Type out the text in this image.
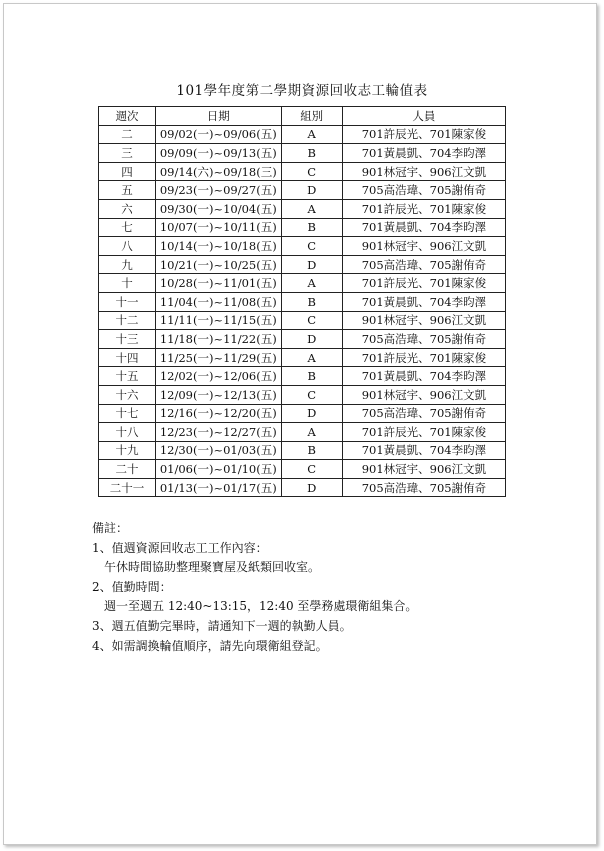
101學年度第二學期資源回收志工輪值表
週次	日期	組別	人員
二	09/02(一)~09/06(五)	A	701許辰光、701陳家俊
三	09/09(一)~09/13(五)	B	701黃晨凱、704李昀澤
四	09/14(六)~09/18(三)	C	901林冠宇、906江文凱
五	09/23(一)~09/27(五)	D	705高浩瑋、705謝侑奇
六	09/30(一)~10/04(五)	A	701許辰光、701陳家俊
七	10/07(一)~10/11(五)	B	701黃晨凱、704李昀澤
八	10/14(一)~10/18(五)	C	901林冠宇、906江文凱
九	10/21(一)~10/25(五)	D	705高浩瑋、705謝侑奇
十	10/28(一)~11/01(五)	A	701許辰光、701陳家俊
十一	11/04(一)~11/08(五)	B	701黃晨凱、704李昀澤
十二	11/11(一)~11/15(五)	C	901林冠宇、906江文凱
十三	11/18(一)~11/22(五)	D	705高浩瑋、705謝侑奇
十四	11/25(一)~11/29(五)	A	701許辰光、701陳家俊
十五	12/02(一)~12/06(五)	B	701黃晨凱、704李昀澤
十六	12/09(一)~12/13(五)	C	901林冠宇、906江文凱
十七	12/16(一)~12/20(五)	D	705高浩瑋、705謝侑奇
十八	12/23(一)~12/27(五)	A	701許辰光、701陳家俊
十九	12/30(一)~01/03(五)	B	701黃晨凱、704李昀澤
二十	01/06(一)~01/10(五)	C	901林冠宇、906江文凱
二十一	01/13(一)~01/17(五)	D	705高浩瑋、705謝侑奇
備註：
1、值週資源回收志工工作內容：
午休時間協助整理聚寶屋及紙類回收室。
2、值勤時間：
週一至週五 12:40~13:15，12:40 至學務處環衛組集合。
3、週五值勤完畢時，請通知下一週的執勤人員。
4、如需調換輪值順序，請先向環衛組登記。
